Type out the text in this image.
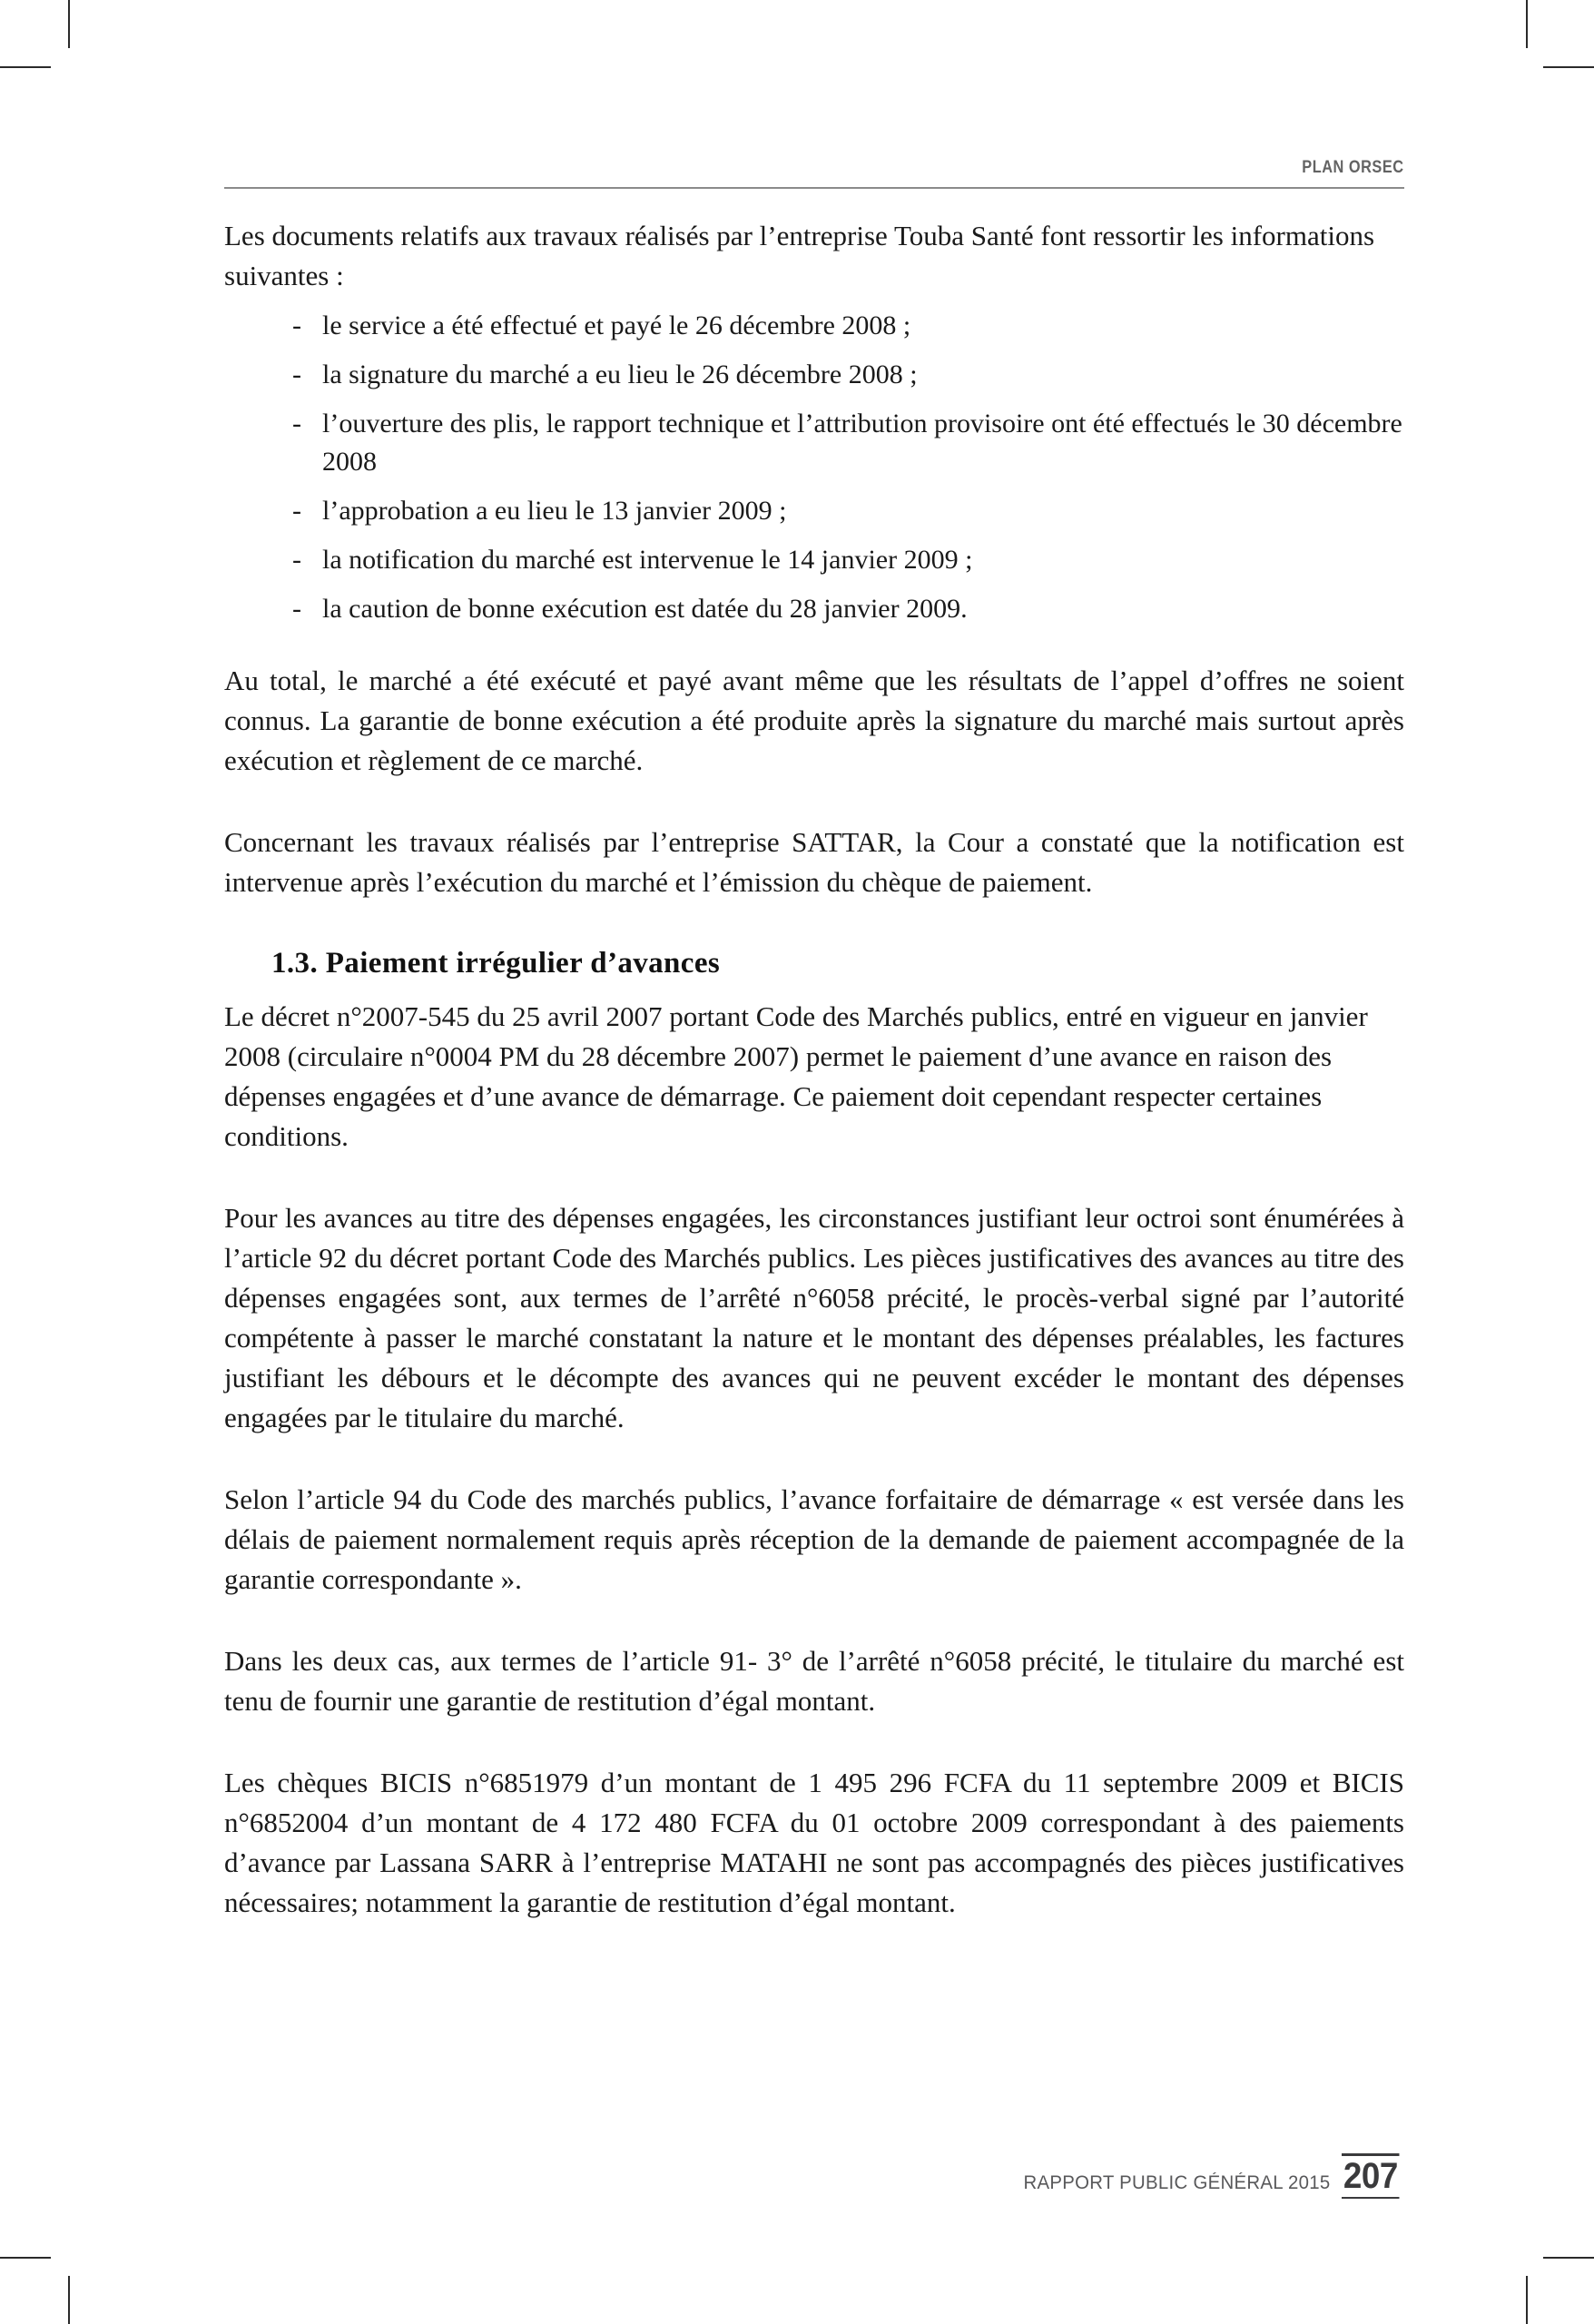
PLAN ORSEC

Les documents relatifs aux travaux réalisés par l’entreprise Touba Santé font ressortir les informations suivantes :

- le service a été effectué et payé le 26 décembre 2008 ;
- la signature du marché a eu lieu le 26 décembre 2008 ;
- l’ouverture des plis, le rapport technique et l’attribution provisoire ont été effectués le 30 décembre 2008
- l’approbation a eu lieu le 13 janvier 2009 ;
- la notification du marché est intervenue le 14 janvier 2009 ;
- la caution de bonne exécution est datée du 28 janvier 2009.

Au total, le marché a été exécuté et payé avant même que les résultats de l’appel d’offres ne soient connus. La garantie de bonne exécution a été produite après la signature du marché mais surtout après exécution et règlement de ce marché.

Concernant les travaux réalisés par l’entreprise SATTAR, la Cour a constaté que la notification est intervenue après l’exécution du marché et l’émission du chèque de paiement.

1.3. Paiement irrégulier d’avances

Le décret n°2007-545 du 25 avril 2007 portant Code des Marchés publics, entré en vigueur en janvier 2008 (circulaire n°0004 PM du 28 décembre 2007) permet le paiement d’une avance en raison des dépenses engagées et d’une avance de démarrage. Ce paiement doit cependant respecter certaines conditions.

Pour les avances au titre des dépenses engagées, les circonstances justifiant leur octroi sont énumérées à l’article 92 du décret portant Code des Marchés publics. Les pièces justificatives des avances au titre des dépenses engagées sont, aux termes de l’arrêté n°6058 précité, le procès-verbal signé par l’autorité compétente à passer le marché constatant la nature et le montant des dépenses préalables, les factures justifiant les débours et le décompte des avances qui ne peuvent excéder le montant des dépenses engagées par le titulaire du marché.

Selon l’article 94 du Code des marchés publics, l’avance forfaitaire de démarrage « est versée dans les délais de paiement normalement requis après réception de la demande de paiement accompagnée de la garantie correspondante ».

Dans les deux cas, aux termes de l’article 91- 3° de l’arrêté n°6058 précité, le titulaire du marché est tenu de fournir une garantie de restitution d’égal montant.

Les chèques BICIS n°6851979 d’un montant de 1 495 296 FCFA du 11 septembre 2009 et BICIS n°6852004 d’un montant de 4 172 480 FCFA du 01 octobre 2009 correspondant à des paiements d’avance par Lassana SARR à l’entreprise MATAHI ne sont pas accompagnés des pièces justificatives nécessaires; notamment la garantie de restitution d’égal montant.

RAPPORT PUBLIC GÉNÉRAL 2015 207
